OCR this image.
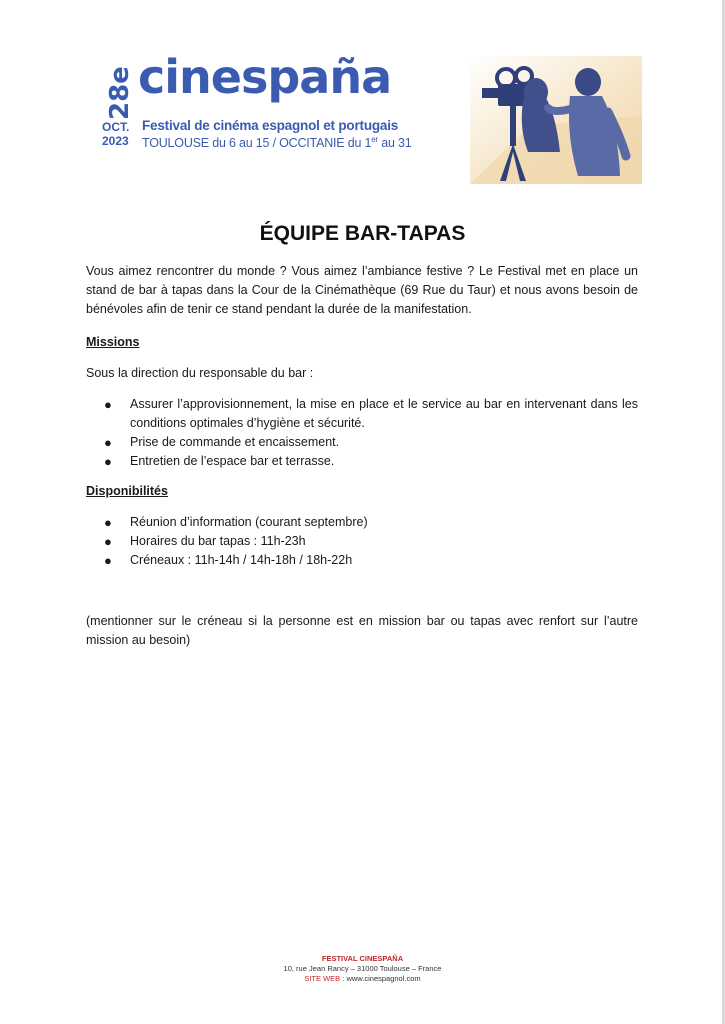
28e cinespaña
OCT.
2023
Festival de cinéma espagnol et portugais
TOULOUSE du 6 au 15 / OCCITANIE du 1er au 31
ÉQUIPE BAR-TAPAS
Vous aimez rencontrer du monde ? Vous aimez l’ambiance festive ? Le Festival met en place un stand de bar à tapas dans la Cour de la Cinémathèque (69 Rue du Taur) et nous avons besoin de bénévoles afin de tenir ce stand pendant la durée de la manifestation.
Missions
Sous la direction du responsable du bar :
● Assurer l’approvisionnement, la mise en place et le service au bar en intervenant dans les conditions optimales d’hygiène et sécurité.
● Prise de commande et encaissement.
● Entretien de l’espace bar et terrasse.
Disponibilités
● Réunion d’information (courant septembre)
● Horaires du bar tapas : 11h-23h
● Créneaux : 11h-14h / 14h-18h / 18h-22h
(mentionner sur le créneau si la personne est en mission bar ou tapas avec renfort sur l’autre mission au besoin)
FESTIVAL CINESPAÑA
10, rue Jean Rancy – 31000 Toulouse – France
SITE WEB : www.cinespagnol.com
